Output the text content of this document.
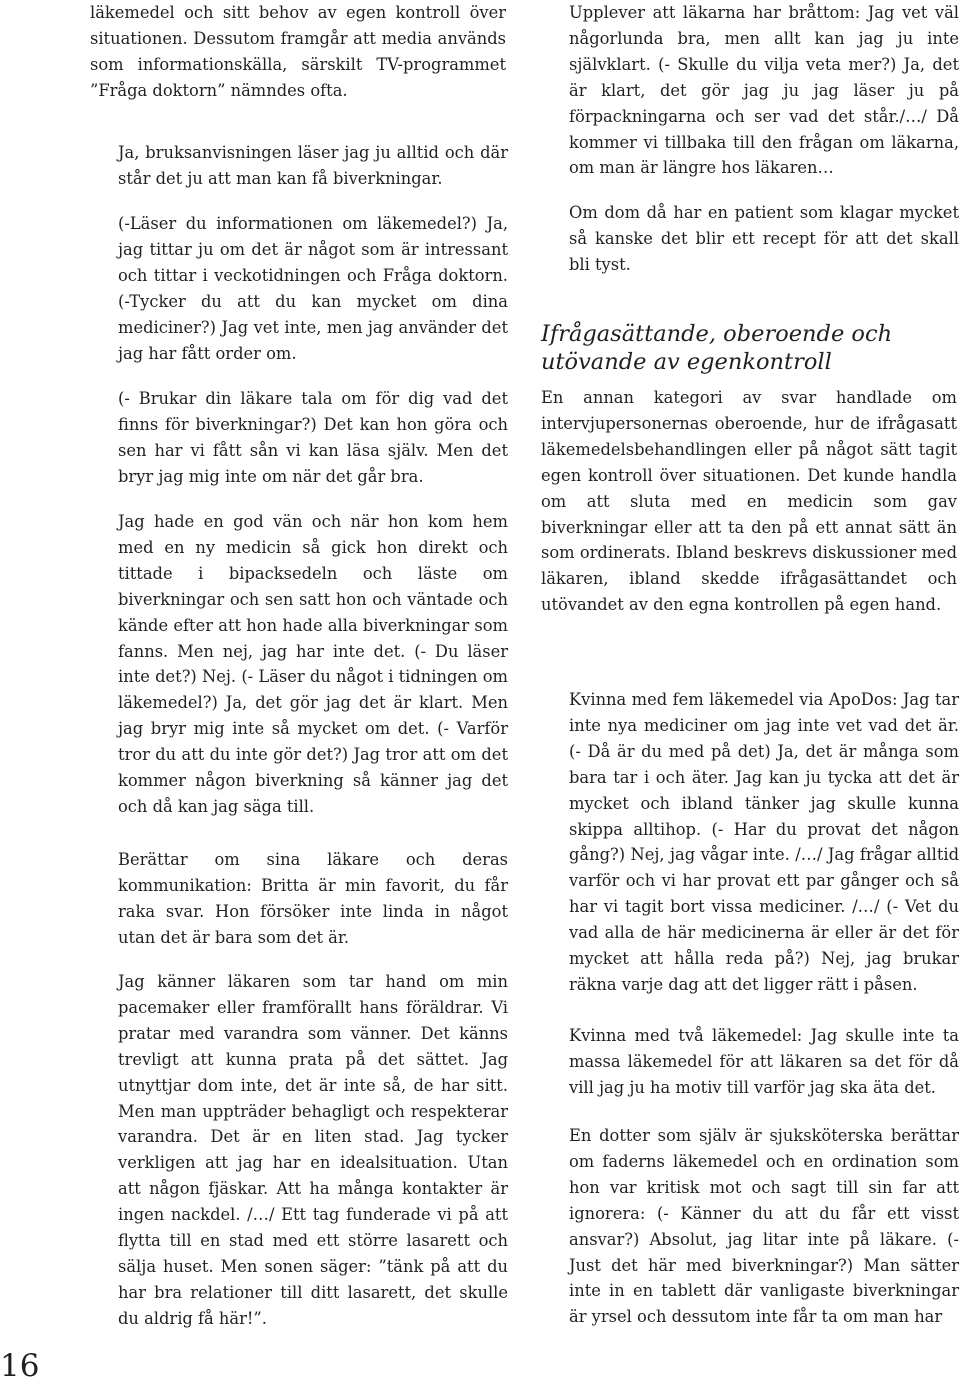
läkemedel och sitt behov av egen kontroll över situationen. Dessutom framgår att media används som informationskälla, särskilt TV-programmet ”Fråga doktorn” nämndes ofta.

Ja, bruksanvisningen läser jag ju alltid och där står det ju att man kan få biverkningar.

(-Läser du informationen om läkemedel?) Ja, jag tittar ju om det är något som är intressant och tittar i veckotidningen och Fråga doktorn. (-Tycker du att du kan mycket om dina mediciner?) Jag vet inte, men jag använder det jag har fått order om.

(- Brukar din läkare tala om för dig vad det finns för biverkningar?) Det kan hon göra och sen har vi fått sån vi kan läsa själv. Men det bryr jag mig inte om när det går bra.

Jag hade en god vän och när hon kom hem med en ny medicin så gick hon direkt och tittade i bipacksedeln och läste om biverkningar och sen satt hon och väntade och kände efter att hon hade alla biverkningar som fanns. Men nej, jag har inte det. (- Du läser inte det?) Nej. (- Läser du något i tidningen om läkemedel?) Ja, det gör jag det är klart. Men jag bryr mig inte så mycket om det. (- Varför tror du att du inte gör det?) Jag tror att om det kommer någon biverkning så känner jag det och då kan jag säga till.

Berättar om sina läkare och deras kommunikation: Britta är min favorit, du får raka svar. Hon försöker inte linda in något utan det är bara som det är.

Jag känner läkaren som tar hand om min pacemaker eller framförallt hans föräldrar. Vi pratar med varandra som vänner. Det känns trevligt att kunna prata på det sättet. Jag utnyttjar dom inte, det är inte så, de har sitt. Men man uppträder behagligt och respekterar varandra. Det är en liten stad. Jag tycker verkligen att jag har en idealsituation. Utan att någon fjäskar. Att ha många kontakter är ingen nackdel. /…/ Ett tag funderade vi på att flytta till en stad med ett större lasarett och sälja huset. Men sonen säger: ”tänk på att du har bra relationer till ditt lasarett, det skulle du aldrig få här!”.

Upplever att läkarna har bråttom: Jag vet väl någorlunda bra, men allt kan jag ju inte självklart. (- Skulle du vilja veta mer?) Ja, det är klart, det gör jag ju jag läser ju på förpackningarna och ser vad det står./…/ Då kommer vi tillbaka till den frågan om läkarna, om man är längre hos läkaren…

Om dom då har en patient som klagar mycket så kanske det blir ett recept för att det skall bli tyst.

Ifrågasättande, oberoende och utövande av egenkontroll

En annan kategori av svar handlade om intervjupersonernas oberoende, hur de ifrågasatt läkemedelsbehandlingen eller på något sätt tagit egen kontroll över situationen. Det kunde handla om att sluta med en medicin som gav biverkningar eller att ta den på ett annat sätt än som ordinerats. Ibland beskrevs diskussioner med läkaren, ibland skedde ifrågasättandet och utövandet av den egna kontrollen på egen hand.

Kvinna med fem läkemedel via ApoDos: Jag tar inte nya mediciner om jag inte vet vad det är. (- Då är du med på det) Ja, det är många som bara tar i och äter. Jag kan ju tycka att det är mycket och ibland tänker jag skulle kunna skippa alltihop. (- Har du provat det någon gång?) Nej, jag vågar inte. /…/ Jag frågar alltid varför och vi har provat ett par gånger och så har vi tagit bort vissa mediciner. /…/ (- Vet du vad alla de här medicinerna är eller är det för mycket att hålla reda på?) Nej, jag brukar räkna varje dag att det ligger rätt i påsen.

Kvinna med två läkemedel: Jag skulle inte ta massa läkemedel för att läkaren sa det för då vill jag ju ha motiv till varför jag ska äta det.

En dotter som själv är sjuksköterska berättar om faderns läkemedel och en ordination som hon var kritisk mot och sagt till sin far att ignorera: (- Känner du att du får ett visst ansvar?) Absolut, jag litar inte på läkare. (- Just det här med biverkningar?) Man sätter inte in en tablett där vanligaste biverkningar är yrsel och dessutom inte får ta om man har

16
